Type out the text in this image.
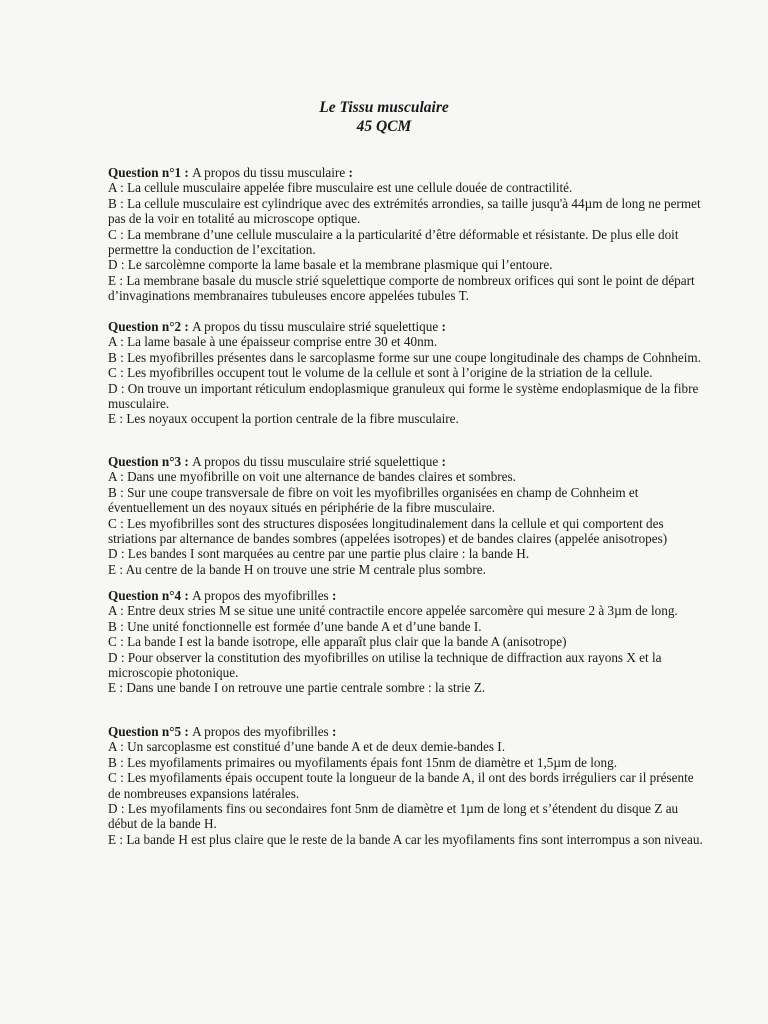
Le Tissu musculaire
45 QCM

Question n°1 : A propos du tissu musculaire :

A : La cellule musculaire appelée fibre musculaire est une cellule douée de contractilité.

B : La cellule musculaire est cylindrique avec des extrémités arrondies, sa taille jusqu'à 44µm de long ne permet pas de la voir en totalité au microscope optique.

C : La membrane d’une cellule musculaire a la particularité d’être déformable et résistante. De plus elle doit permettre la conduction de l’excitation.

D : Le sarcolèmne comporte la lame basale et la membrane plasmique qui l’entoure.

E : La membrane basale du muscle strié squelettique comporte de nombreux orifices qui sont le point de départ d’invaginations membranaires tubuleuses encore appelées tubules T.

Question n°2 : A propos du tissu musculaire strié squelettique :

A : La lame basale à une épaisseur comprise entre 30 et 40nm.

B : Les myofibrilles présentes dans le sarcoplasme forme sur une coupe longitudinale des champs de Cohnheim.

C : Les myofibrilles occupent tout le volume de la cellule et sont à l’origine de la striation de la cellule.

D : On trouve un important réticulum endoplasmique granuleux qui forme le système endoplasmique de la fibre musculaire.

E : Les noyaux occupent la portion centrale de la fibre musculaire.

Question n°3 : A propos du tissu musculaire strié squelettique :

A : Dans une myofibrille on voit une alternance de bandes claires et sombres.

B : Sur une coupe transversale de fibre on voit les myofibrilles organisées en champ de Cohnheim et éventuellement un des noyaux situés en périphérie de la fibre musculaire.

C : Les myofibrilles sont des structures disposées longitudinalement dans la cellule et qui comportent des striations par alternance de bandes sombres (appelées isotropes) et de bandes claires (appelée anisotropes)

D : Les bandes I sont marquées au centre par une partie plus claire : la bande H.

E : Au centre de la bande H on trouve une strie M centrale plus sombre.

Question n°4 : A propos des myofibrilles :

A : Entre deux stries M se situe une unité contractile encore appelée sarcomère qui mesure 2 à 3µm de long.

B : Une unité fonctionnelle est formée d’une bande A et d’une bande I.

C : La bande I est la bande isotrope, elle apparaît plus clair que la bande A (anisotrope)

D : Pour observer la constitution des myofibrilles on utilise la technique de diffraction aux rayons X et la microscopie photonique.

E : Dans une bande I on retrouve une partie centrale sombre : la strie Z.

Question n°5 : A propos des myofibrilles :

A : Un sarcoplasme est constitué d’une bande A et de deux demie-bandes I.

B : Les myofilaments primaires ou myofilaments épais font 15nm de diamètre et 1,5µm de long.

C : Les myofilaments épais occupent toute la longueur de la bande A, il ont des bords irréguliers car il présente de nombreuses expansions latérales.

D : Les myofilaments fins ou secondaires font 5nm de diamètre et 1µm de long et s’étendent du disque Z au début de la bande H.

E : La bande H est plus claire que le reste de la bande A car les myofilaments fins sont interrompus a son niveau.
